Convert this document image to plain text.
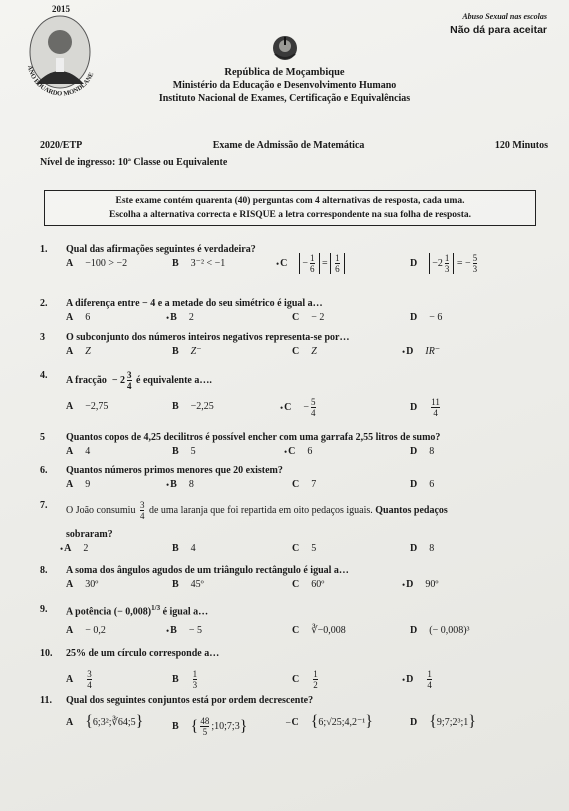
2015
ANO EDUARDO MONDLANE
Abuso Sexual nas escolas
Não dá para aceitar
República de Moçambique
Ministério da Educação e Desenvolvimento Humano
Instituto Nacional de Exames, Certificação e Equivalências
2020/ETP	Exame de Admissão de Matemática	120 Minutos
Nível de ingresso: 10ª Classe ou Equivalente
Este exame contém quarenta (40) perguntas com 4 alternativas de resposta, cada uma.
Escolha a alternativa correcta e RISQUE a letra correspondente na sua folha de resposta.
1.	Qual das afirmações seguintes é verdadeira?
A −100 > −2	B 3⁻² < −1	• C	− $\frac{1}{6} = \frac{1}{6}$	D	$-2 \frac{1}{3}$ = − $\frac{5}{3}$
2.	A diferença entre − 4 e a metade do seu simétrico é igual a…
A 6	• B 2	C − 2	D − 6
3	O subconjunto dos números inteiros negativos representa-se por…
A Z	B Z⁻	C Z	• D IR⁻
4.	A fracção − $2 \frac{3}{4}$ é equivalente a….
A −2,75	B −2,25	• $C - \frac{5}{4}$	D $\frac{11}{4}$
5	Quantos copos de 4,25 decilitros é possível encher com uma garrafa 2,55 litros de sumo?
A 4	B 5	• C 6	D 8
6.	Quantos números primos menores que 20 existem?
A 9	• B 8	C 7	D 6
7.	O João consumiu $\frac{3}{4}$ de uma laranja que foi repartida em oito pedaços iguais. Quantos pedaços
sobraram?
• A 2	B 4	C 5	D 8
8.	A soma dos ângulos agudos de um triângulo rectângulo é igual a…
A 30º	B 45º	C 60º	• D 90º
9.	A potência (− 0,008)$^{1/3}$ é igual a…
A − 0,2	• B − 5	C ∛−0,008	D (− 0,008)³
10.	25% de um círculo corresponde a…
A $\frac{3}{4}$	B $\frac{1}{3}$	C $\frac{1}{2}$	• D $\frac{1}{4}$
11.	Qual dos seguintes conjuntos está por ordem decrescente?
A { 6;3²;∛64;5 }	B { $\frac{48}{5}$ ;10;7;3 }	– C { 6;√25;4,2⁻¹ }	D { 9;7;2³;1 }
